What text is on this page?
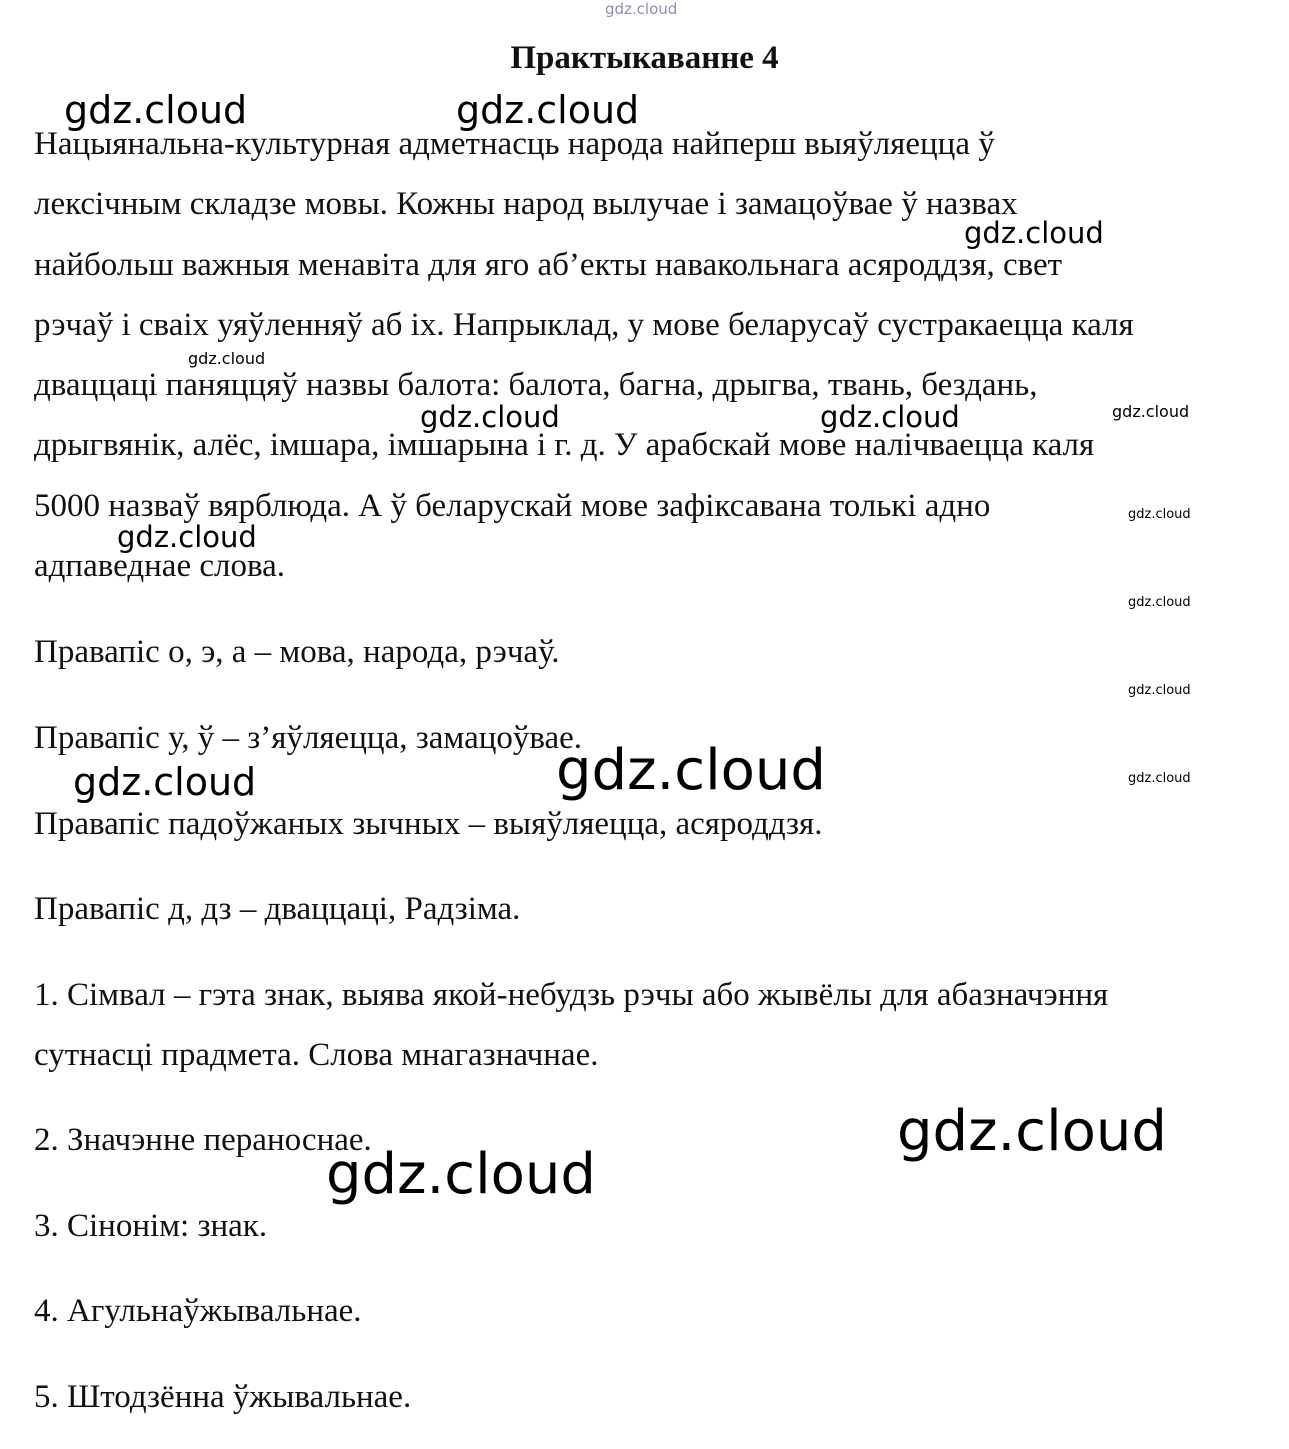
gdz.cloud
Практыкаванне 4
Нацыянальна-культурная адметнасць народа найперш выяўляецца ў
лексічным складзе мовы. Кожны народ вылучае і замацоўвае ў назвах
найбольш важныя менавіта для яго аб’екты навакольнага асяроддзя, свет
рэчаў і сваіх уяўленняў аб іх. Напрыклад, у мове беларусаў сустракаецца каля
дваццаці паняццяў назвы балота: балота, багна, дрыгва, твань, бездань,
дрыгвянік, алёс, імшара, імшарына і г. д. У арабскай мове налічваецца каля
5000 назваў вярблюда. А ў беларускай мове зафіксавана толькі адно
адпаведнае слова.
Правапіс о, э, а – мова, народа, рэчаў.
Правапіс у, ў – з’яўляецца, замацоўвае.
Правапіс падоўжаных зычных – выяўляецца, асяроддзя.
Правапіс д, дз – дваццаці, Радзіма.
1. Сімвал – гэта знак, выява якой-небудзь рэчы або жывёлы для абазначэння
сутнасці прадмета. Слова мнагазначнае.
2. Значэнне пераноснае.
3. Сінонім: знак.
4. Агульнаўжывальнае.
5. Штодзённа ўжывальнае.
gdz.cloud	gdz.cloud
gdz.cloud
gdz.cloud
gdz.cloud	gdz.cloud	gdz.cloud
gdz.cloud
gdz.cloud
gdz.cloud
gdz.cloud
gdz.cloud
gdz.cloud	gdz.cloud
gdz.cloud
gdz.cloud
